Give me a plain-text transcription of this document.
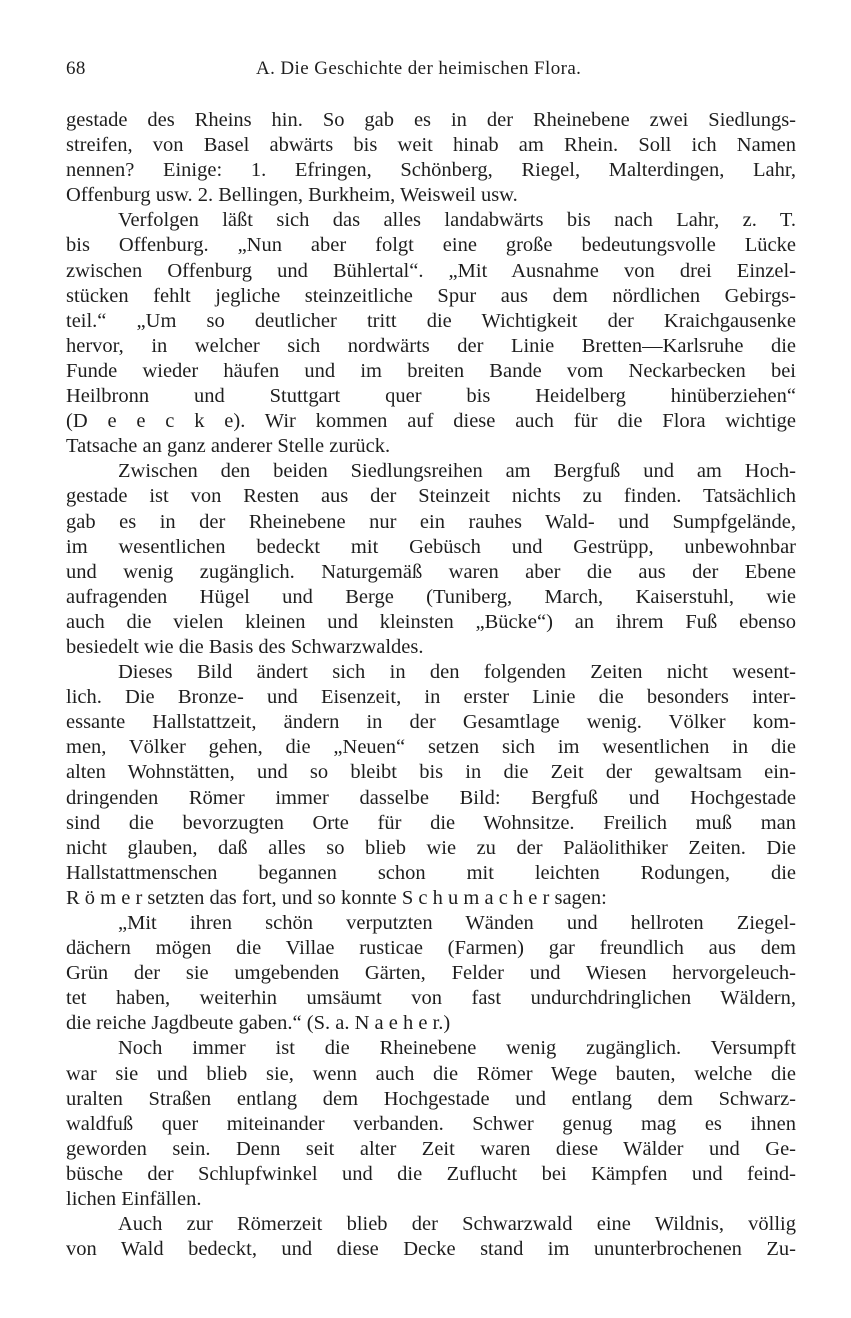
68	A. Die Geschichte der heimischen Flora.
gestade des Rheins hin. So gab es in der Rheinebene zwei Siedlungs-
streifen, von Basel abwärts bis weit hinab am Rhein. Soll ich Namen
nennen? Einige: 1. Efringen, Schönberg, Riegel, Malterdingen, Lahr,
Offenburg usw. 2. Bellingen, Burkheim, Weisweil usw.
Verfolgen läßt sich das alles landabwärts bis nach Lahr, z. T.
bis Offenburg. „Nun aber folgt eine große bedeutungsvolle Lücke
zwischen Offenburg und Bühlertal“. „Mit Ausnahme von drei Einzel-
stücken fehlt jegliche steinzeitliche Spur aus dem nördlichen Gebirgs-
teil.“ „Um so deutlicher tritt die Wichtigkeit der Kraichgausenke
hervor, in welcher sich nordwärts der Linie Bretten—Karlsruhe die
Funde wieder häufen und im breiten Bande vom Neckarbecken bei
Heilbronn und Stuttgart quer bis Heidelberg hinüberziehen“
(D e e c k e). Wir kommen auf diese auch für die Flora wichtige
Tatsache an ganz anderer Stelle zurück.
Zwischen den beiden Siedlungsreihen am Bergfuß und am Hoch-
gestade ist von Resten aus der Steinzeit nichts zu finden. Tatsächlich
gab es in der Rheinebene nur ein rauhes Wald- und Sumpfgelände,
im wesentlichen bedeckt mit Gebüsch und Gestrüpp, unbewohnbar
und wenig zugänglich. Naturgemäß waren aber die aus der Ebene
aufragenden Hügel und Berge (Tuniberg, March, Kaiserstuhl, wie
auch die vielen kleinen und kleinsten „Bücke“) an ihrem Fuß ebenso
besiedelt wie die Basis des Schwarzwaldes.
Dieses Bild ändert sich in den folgenden Zeiten nicht wesent-
lich. Die Bronze- und Eisenzeit, in erster Linie die besonders inter-
essante Hallstattzeit, ändern in der Gesamtlage wenig. Völker kom-
men, Völker gehen, die „Neuen“ setzen sich im wesentlichen in die
alten Wohnstätten, und so bleibt bis in die Zeit der gewaltsam ein-
dringenden Römer immer dasselbe Bild: Bergfuß und Hochgestade
sind die bevorzugten Orte für die Wohnsitze. Freilich muß man
nicht glauben, daß alles so blieb wie zu der Paläolithiker Zeiten. Die
Hallstattmenschen begannen schon mit leichten Rodungen, die
R ö m e r setzten das fort, und so konnte S c h u m a c h e r sagen:
„Mit ihren schön verputzten Wänden und hellroten Ziegel-
dächern mögen die Villae rusticae (Farmen) gar freundlich aus dem
Grün der sie umgebenden Gärten, Felder und Wiesen hervorgeleuch-
tet haben, weiterhin umsäumt von fast undurchdringlichen Wäldern,
die reiche Jagdbeute gaben.“ (S. a. N a e h e r.)
Noch immer ist die Rheinebene wenig zugänglich. Versumpft
war sie und blieb sie, wenn auch die Römer Wege bauten, welche die
uralten Straßen entlang dem Hochgestade und entlang dem Schwarz-
waldfuß quer miteinander verbanden. Schwer genug mag es ihnen
geworden sein. Denn seit alter Zeit waren diese Wälder und Ge-
büsche der Schlupfwinkel und die Zuflucht bei Kämpfen und feind-
lichen Einfällen.
Auch zur Römerzeit blieb der Schwarzwald eine Wildnis, völlig
von Wald bedeckt, und diese Decke stand im ununterbrochenen Zu-
